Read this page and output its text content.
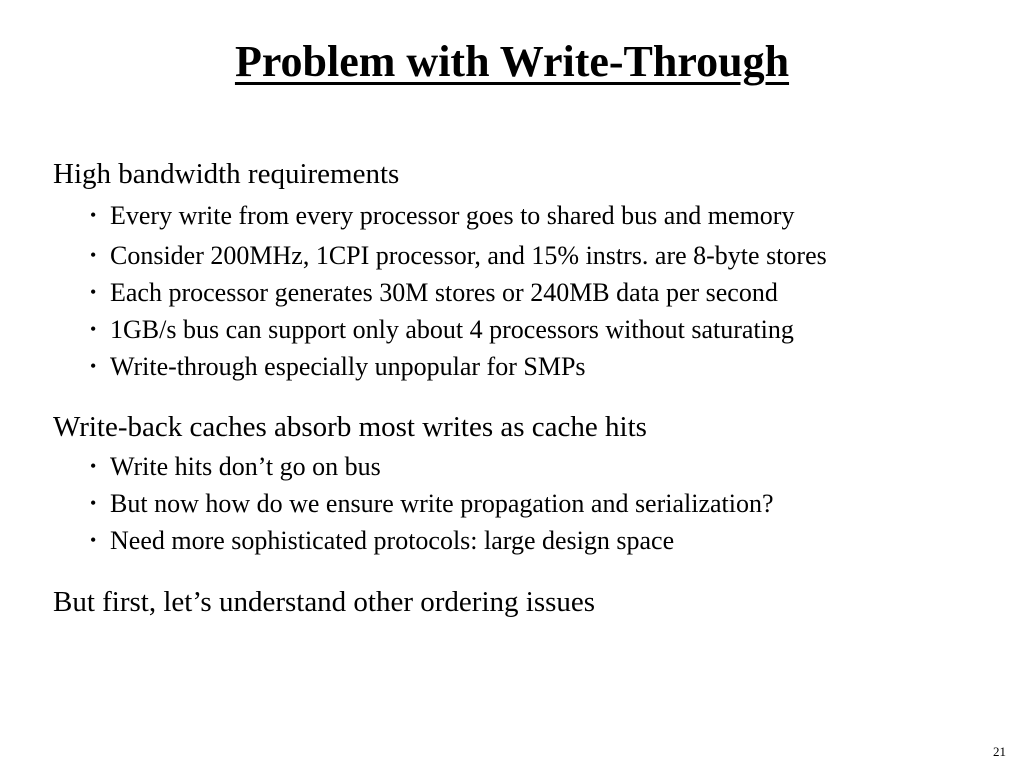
Problem with Write-Through

High bandwidth requirements

• Every write from every processor goes to shared bus and memory

• Consider 200MHz, 1CPI processor, and 15% instrs. are 8-byte stores

• Each processor generates 30M stores or 240MB data per second

• 1GB/s bus can support only about 4 processors without saturating

• Write-through especially unpopular for SMPs

Write-back caches absorb most writes as cache hits

• Write hits don’t go on bus

• But now how do we ensure write propagation and serialization?

• Need more sophisticated protocols: large design space

But first, let’s understand other ordering issues

21
